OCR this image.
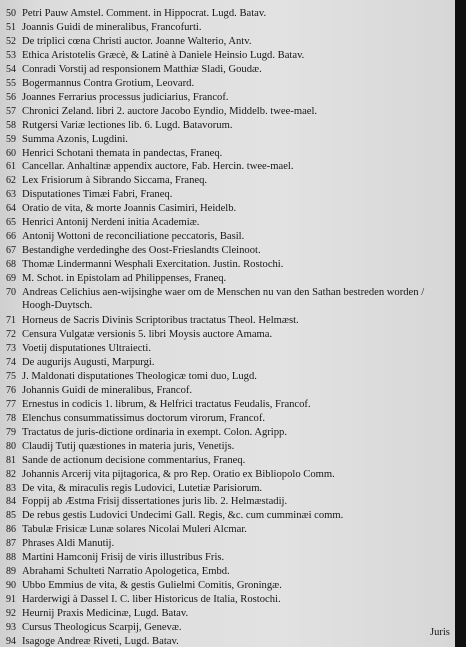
50 Petri Pauw Amstel. Comment. in Hippocrat. Lugd. Batav.
51 Joannis Guidi de mineralibus, Francofurti.
52 De triplici cœna Christi auctor. Joanne Walterio, Antv.
53 Ethica Aristotelis Græcè, & Latinè à Daniele Heinsio Lugd. Batav.
54 Conradi Vorstij ad responsionem Matthiæ Sladi, Goudæ.
55 Bogermannus Contra Grotium, Leovard.
56 Joannes Ferrarius processus judiciarius, Francof.
57 Chronici Zeland. libri 2. auctore Jacobo Eyndio, Middelb. twee-mael.
58 Rutgersi Variæ lectiones lib. 6. Lugd. Batavorum.
59 Summa Azonis, Lugdini.
60 Henrici Schotani themata in pandectas, Franeq.
61 Cancellar. Anhaltinæ appendix auctore, Fab. Hercin. twee-mael.
62 Lex Frisiorum à Sibrando Siccama, Franeq.
63 Disputationes Timæi Fabri, Franeq.
64 Oratio de vita, & morte Joannis Casimiri, Heidelb.
65 Henrici Antonij Nerdeni initia Academiæ.
66 Antonij Wottoni de reconciliatione peccatoris, Basil.
67 Bestandighe verdedinghe des Oost-Frieslandts Cleinoot.
68 Thomæ Lindermanni Wesphali Exercitation. Justin. Rostochi.
69 M. Schot. in Epistolam ad Philippenses, Franeq.
70 Andreas Celichius aen-wijsinghe waer om de Menschen nu van den Sathan bestreden worden / Hoogh-Duytsch.
71 Horneus de Sacris Divinis Scriptoribus tractatus Theol. Helmæst.
72 Censura Vulgatæ versionis 5. libri Moysis auctore Amama.
73 Voetij disputationes Ultraiecti.
74 De augurijs Augusti, Marpurgi.
75 J. Maldonati disputationes Theologicæ tomi duo, Lugd.
76 Johannis Guidi de mineralibus, Francof.
77 Ernestus in codicis 1. librum, & Helfrici tractatus Feudalis, Francof.
78 Elenchus consummatissimus doctorum virorum, Francof.
79 Tractatus de juris-dictione ordinaria in exempt. Colon. Agripp.
80 Claudij Tutij quæstiones in materia juris, Venetijs.
81 Sande de actionum decisione commentarius, Franeq.
82 Johannis Arcerij vita pijtagorica, & pro Rep. Oratio ex Bibliopolo Comm.
83 De vita, & miraculis regis Ludovici, Lutetiæ Parisiorum.
84 Foppij ab Æstma Frisij dissertationes juris lib. 2. Helmæstadij.
85 De rebus gestis Ludovici Undecimi Gall. Regis, &c. cum cumminæi comm.
86 Tabulæ Frisicæ Lunæ solares Nicolai Muleri Alcmar.
87 Phrases Aldi Manutij.
88 Martini Hamconij Frisij de viris illustribus Fris.
89 Abrahami Schulteti Narratio Apologetica, Embd.
90 Ubbo Emmius de vita, & gestis Gulielmi Comitis, Groningæ.
91 Harderwigi à Dassel I. C. liber Historicus de Italia, Rostochi.
92 Heurnij Praxis Medicinæ, Lugd. Batav.
93 Cursus Theologicus Scarpij, Genevæ.
94 Isagoge Andreæ Riveti, Lugd. Batav.
Juris
